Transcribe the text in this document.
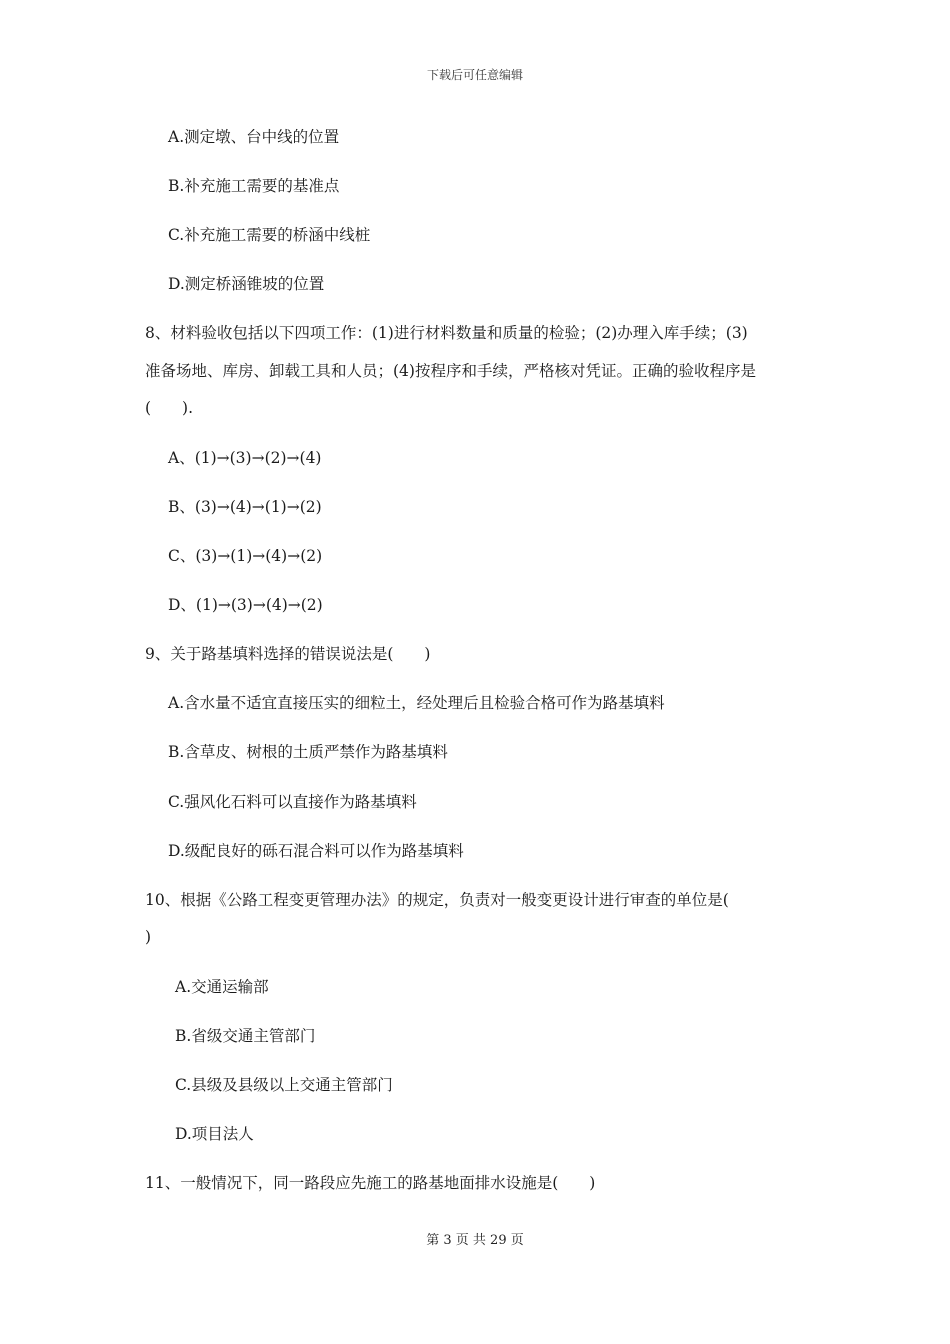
下载后可任意编辑
A.测定墩、台中线的位置
B.补充施工需要的基准点
C.补充施工需要的桥涵中线桩
D.测定桥涵锥坡的位置
8、材料验收包括以下四项工作：(1)进行材料数量和质量的检验；(2)办理入库手续；(3)
准备场地、库房、卸载工具和人员；(4)按程序和手续，严格核对凭证。正确的验收程序是
(　　).
A、(1)→(3)→(2)→(4)
B、(3)→(4)→(1)→(2)
C、(3)→(1)→(4)→(2)
D、(1)→(3)→(4)→(2)
9、关于路基填料选择的错误说法是(　　)
A.含水量不适宜直接压实的细粒土，经处理后且检验合格可作为路基填料
B.含草皮、树根的土质严禁作为路基填料
C.强风化石料可以直接作为路基填料
D.级配良好的砾石混合料可以作为路基填料
10、根据《公路工程变更管理办法》的规定，负责对一般变更设计进行审查的单位是(
)
A.交通运输部
B.省级交通主管部门
C.县级及县级以上交通主管部门
D.项目法人
11、一般情况下，同一路段应先施工的路基地面排水设施是(　　)
第 3 页 共 29 页
